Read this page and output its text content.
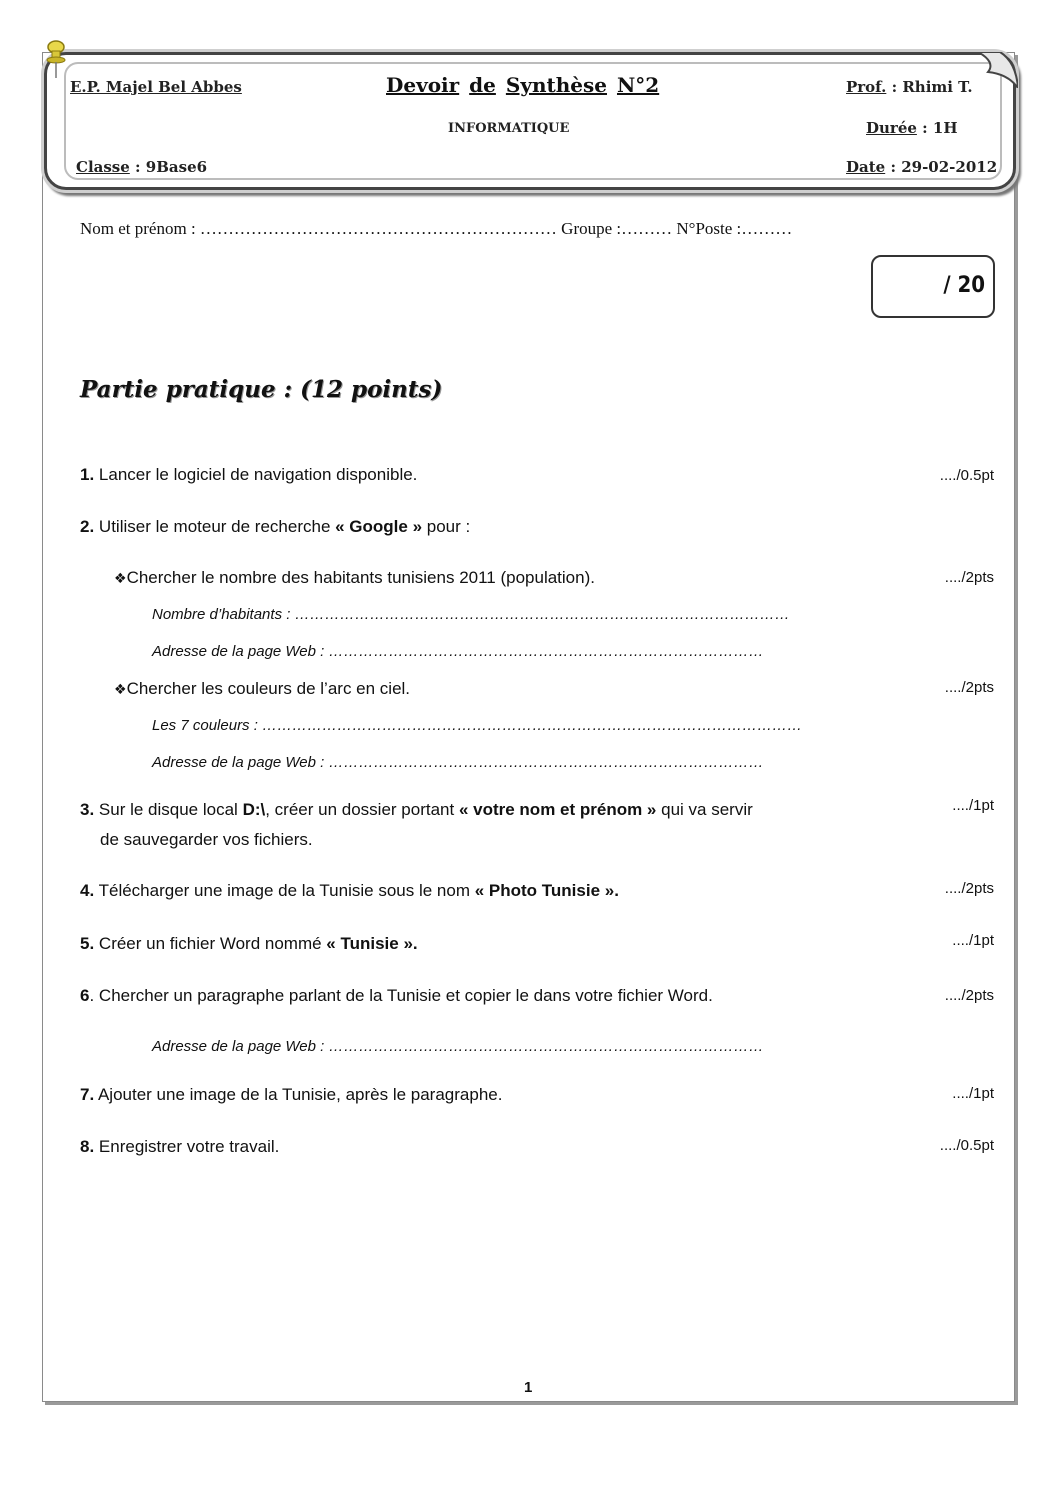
E.P. Majel Bel Abbes	Devoir de Synthèse N°2
INFORMATIQUE
Prof. : Rhimi T.
Durée : 1H
Classe : 9Base6	Date : 29-02-2012
Nom et prénom : ……………………………………………………… Groupe :……… N°Poste :………
/ 20
Partie pratique : (12 points)
1. Lancer le logiciel de navigation disponible.	..../0.5pt
2. Utiliser le moteur de recherche « Google » pour :
❖Chercher le nombre des habitants tunisiens 2011 (population).	..../2pts
Nombre d’habitants : ………………………………………………………………………………………
Adresse de la page Web : ……………………………………………………………………………
❖Chercher les couleurs de l’arc en ciel.	..../2pts
Les 7 couleurs : ………………………………………………………………………………………………
Adresse de la page Web : ……………………………………………………………………………
3. Sur le disque local D:\, créer un dossier portant « votre nom et prénom » qui va servir
de sauvegarder vos fichiers.
..../1pt
4. Télécharger une image de la Tunisie sous le nom « Photo Tunisie ».	..../2pts
5. Créer un fichier Word nommé « Tunisie ».	..../1pt
6. Chercher un paragraphe parlant de la Tunisie et copier le dans votre fichier Word.	..../2pts
Adresse de la page Web : ……………………………………………………………………………
7. Ajouter une image de la Tunisie, après le paragraphe.	..../1pt
8. Enregistrer votre travail.	..../0.5pt
1
